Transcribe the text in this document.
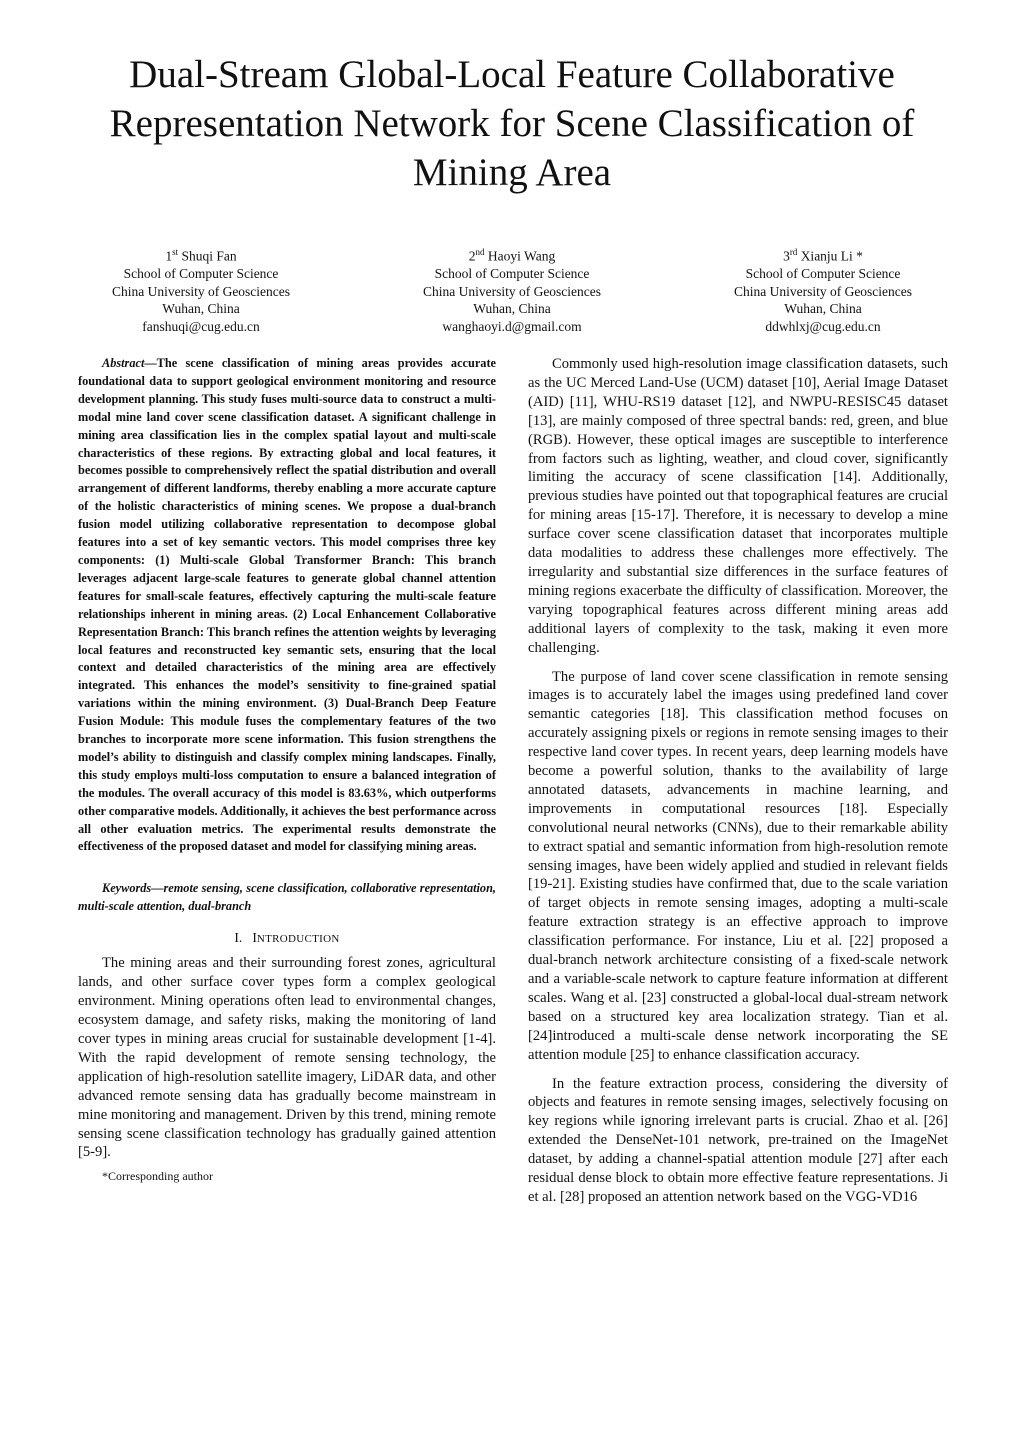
Dual-Stream Global-Local Feature Collaborative Representation Network for Scene Classification of Mining Area
1st Shuqi Fan
School of Computer Science
China University of Geosciences
Wuhan, China
fanshuqi@cug.edu.cn
2nd Haoyi Wang
School of Computer Science
China University of Geosciences
Wuhan, China
wanghaoyi.d@gmail.com
3rd Xianju Li *
School of Computer Science
China University of Geosciences
Wuhan, China
ddwhlxj@cug.edu.cn

Abstract—The scene classification of mining areas provides accurate foundational data to support geological environment monitoring and resource development planning. This study fuses multi-source data to construct a multi-modal mine land cover scene classification dataset. A significant challenge in mining area classification lies in the complex spatial layout and multi-scale characteristics of these regions. By extracting global and local features, it becomes possible to comprehensively reflect the spatial distribution and overall arrangement of different landforms, thereby enabling a more accurate capture of the holistic characteristics of mining scenes. We propose a dual-branch fusion model utilizing collaborative representation to decompose global features into a set of key semantic vectors. This model comprises three key components: (1) Multi-scale Global Transformer Branch: This branch leverages adjacent large-scale features to generate global channel attention features for small-scale features, effectively capturing the multi-scale feature relationships inherent in mining areas. (2) Local Enhancement Collaborative Representation Branch: This branch refines the attention weights by leveraging local features and reconstructed key semantic sets, ensuring that the local context and detailed characteristics of the mining area are effectively integrated. This enhances the model’s sensitivity to fine-grained spatial variations within the mining environment. (3) Dual-Branch Deep Feature Fusion Module: This module fuses the complementary features of the two branches to incorporate more scene information. This fusion strengthens the model’s ability to distinguish and classify complex mining landscapes. Finally, this study employs multi-loss computation to ensure a balanced integration of the modules. The overall accuracy of this model is 83.63%, which outperforms other comparative models. Additionally, it achieves the best performance across all other evaluation metrics. The experimental results demonstrate the effectiveness of the proposed dataset and model for classifying mining areas.

Keywords—remote sensing, scene classification, collaborative representation, multi-scale attention, dual-branch

I. INTRODUCTION

The mining areas and their surrounding forest zones, agricultural lands, and other surface cover types form a complex geological environment. Mining operations often lead to environmental changes, ecosystem damage, and safety risks, making the monitoring of land cover types in mining areas crucial for sustainable development [1-4]. With the rapid development of remote sensing technology, the application of high-resolution satellite imagery, LiDAR data, and other advanced remote sensing data has gradually become mainstream in mine monitoring and management. Driven by this trend, mining remote sensing scene classification technology has gradually gained attention [5-9].

*Corresponding author

Commonly used high-resolution image classification datasets, such as the UC Merced Land-Use (UCM) dataset [10], Aerial Image Dataset (AID) [11], WHU-RS19 dataset [12], and NWPU-RESISC45 dataset [13], are mainly composed of three spectral bands: red, green, and blue (RGB). However, these optical images are susceptible to interference from factors such as lighting, weather, and cloud cover, significantly limiting the accuracy of scene classification [14]. Additionally, previous studies have pointed out that topographical features are crucial for mining areas [15-17]. Therefore, it is necessary to develop a mine surface cover scene classification dataset that incorporates multiple data modalities to address these challenges more effectively. The irregularity and substantial size differences in the surface features of mining regions exacerbate the difficulty of classification. Moreover, the varying topographical features across different mining areas add additional layers of complexity to the task, making it even more challenging.

The purpose of land cover scene classification in remote sensing images is to accurately label the images using predefined land cover semantic categories [18]. This classification method focuses on accurately assigning pixels or regions in remote sensing images to their respective land cover types. In recent years, deep learning models have become a powerful solution, thanks to the availability of large annotated datasets, advancements in machine learning, and improvements in computational resources [18]. Especially convolutional neural networks (CNNs), due to their remarkable ability to extract spatial and semantic information from high-resolution remote sensing images, have been widely applied and studied in relevant fields [19-21]. Existing studies have confirmed that, due to the scale variation of target objects in remote sensing images, adopting a multi-scale feature extraction strategy is an effective approach to improve classification performance. For instance, Liu et al. [22] proposed a dual-branch network architecture consisting of a fixed-scale network and a variable-scale network to capture feature information at different scales. Wang et al. [23] constructed a global-local dual-stream network based on a structured key area localization strategy. Tian et al. [24]introduced a multi-scale dense network incorporating the SE attention module [25] to enhance classification accuracy.

In the feature extraction process, considering the diversity of objects and features in remote sensing images, selectively focusing on key regions while ignoring irrelevant parts is crucial. Zhao et al. [26] extended the DenseNet-101 network, pre-trained on the ImageNet dataset, by adding a channel-spatial attention module [27] after each residual dense block to obtain more effective feature representations. Ji et al. [28] proposed an attention network based on the VGG-VD16
